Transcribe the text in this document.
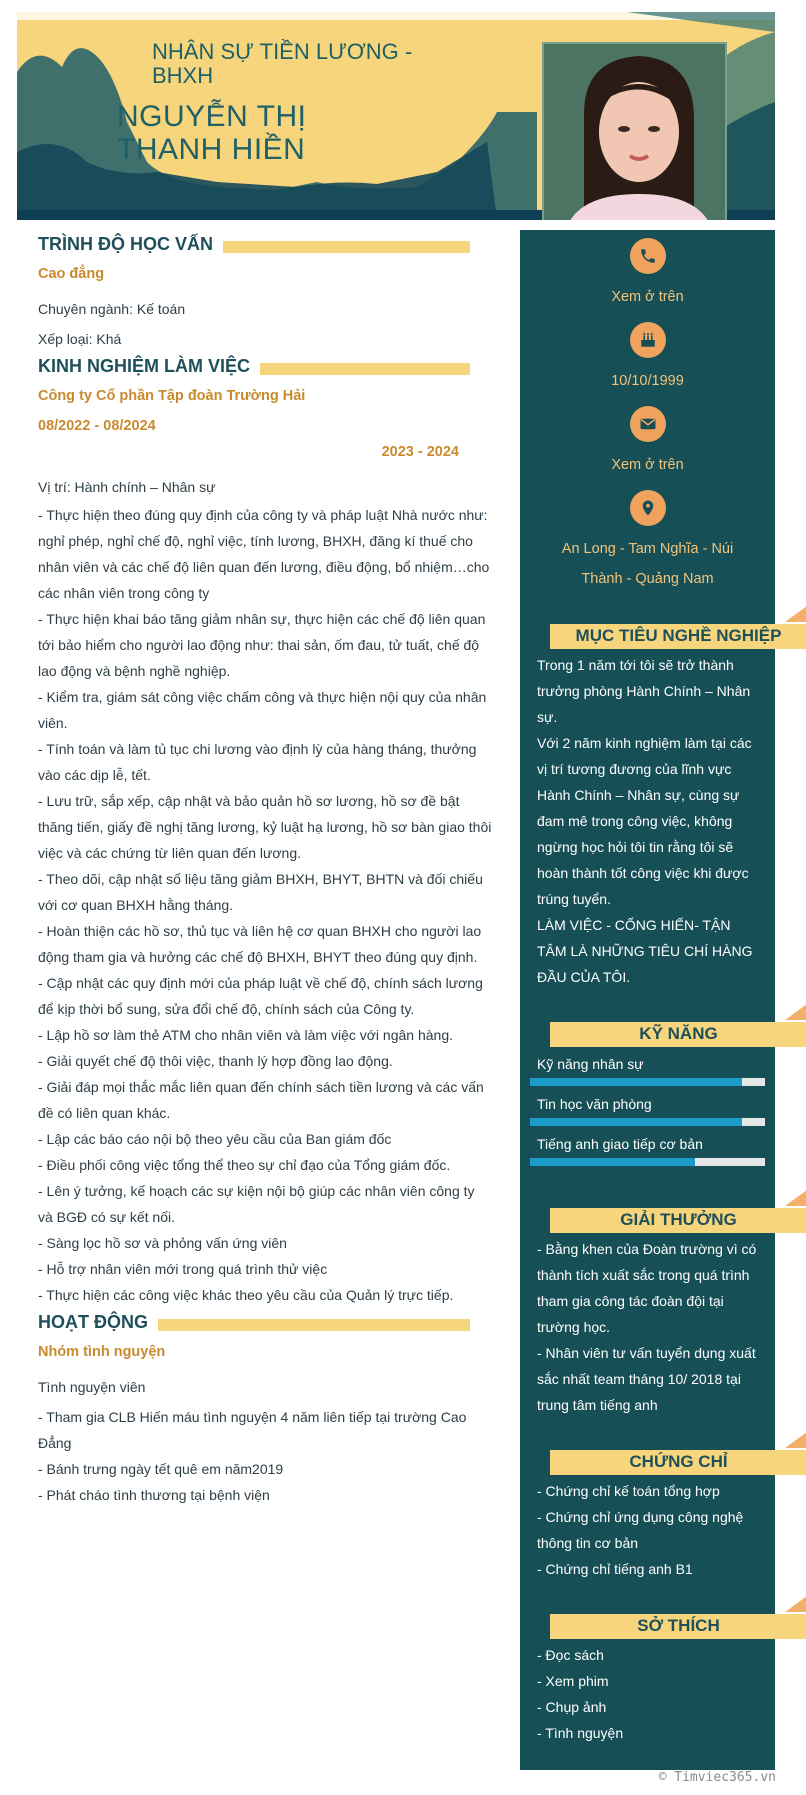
NHÂN SỰ TIỀN LƯƠNG - BHXH
NGUYỄN THỊ THANH HIỀN
TRÌNH ĐỘ HỌC VẤN
Cao đẳng
Chuyên ngành: Kế toán
Xếp loại: Khá
KINH NGHIỆM LÀM VIỆC
Công ty Cổ phần Tập đoàn Trường Hải
08/2022 - 08/2024
2023 - 2024
Vị trí: Hành chính – Nhân sự
- Thực hiện theo đúng quy định của công ty và pháp luật Nhà nước như: nghỉ phép, nghỉ chế độ, nghỉ việc, tính lương, BHXH, đăng kí thuế cho nhân viên và các chế độ liên quan đến lương, điều động, bổ nhiệm…cho các nhân viên trong công ty
- Thực hiện khai báo tăng giảm nhân sự, thực hiện các chế độ liên quan tới bảo hiểm cho người lao động như: thai sản, ốm đau, tử tuất, chế độ lao động và bệnh nghề nghiệp.
- Kiểm tra, giám sát công việc chấm công và thực hiện nội quy của nhân viên.
- Tính toán và làm tủ tục chi lương vào định lỳ của hàng tháng, thưởng vào các dịp lễ, tết.
- Lưu trữ, sắp xếp, cập nhật và bảo quản hồ sơ lương, hồ sơ đề bật thăng tiến, giấy đề nghị tăng lương, kỷ luật hạ lương, hồ sơ bàn giao thôi việc và các chứng từ liên quan đến lương.
- Theo dõi, cập nhật số liệu tăng giảm BHXH, BHYT, BHTN và đối chiếu với cơ quan BHXH hằng tháng.
- Hoàn thiện các hồ sơ, thủ tục và liên hệ cơ quan BHXH cho người lao động tham gia và hưởng các chế độ BHXH, BHYT theo đúng quy định.
- Cập nhật các quy định mới của pháp luật về chế độ, chính sách lương để kịp thời bổ sung, sửa đổi chế độ, chính sách của Công ty.
- Lập hồ sơ làm thẻ ATM cho nhân viên và làm việc với ngân hàng.
- Giải quyết chế độ thôi việc, thanh lý hợp đồng lao động.
- Giải đáp mọi thắc mắc liên quan đến chính sách tiền lương và các vấn đề có liên quan khác.
- Lập các báo cáo nội bộ theo yêu cầu của Ban giám đốc
- Điều phối công việc tổng thể theo sự chỉ đạo của Tổng giám đốc.
- Lên ý tưởng, kế hoạch các sự kiện nội bộ giúp các nhân viên công ty và BGĐ có sự kết nối.
- Sàng lọc hồ sơ và phỏng vấn ứng viên
- Hỗ trợ nhân viên mới trong quá trình thử việc
- Thực hiện các công việc khác theo yêu cầu của Quản lý trực tiếp.
HOẠT ĐỘNG
Nhóm tình nguyện
Tình nguyện viên
- Tham gia CLB Hiến máu tình nguyện 4 năm liên tiếp tại trường Cao Đẳng
- Bánh trưng ngày tết quê em năm2019
- Phát cháo tình thương tại bệnh viện
Xem ở trên
10/10/1999
Xem ở trên
An Long - Tam Nghĩa - Núi Thành - Quảng Nam
MỤC TIÊU NGHỀ NGHIỆP
Trong 1 năm tới tôi sẽ trở thành trưởng phòng Hành Chính – Nhân sự.
Với 2 năm kinh nghiệm làm tại các vị trí tương đương của lĩnh vực Hành Chính – Nhân sự, cùng sự đam mê trong công việc, không ngừng học hỏi tôi tin rằng tôi sẽ hoàn thành tốt công việc khi được trúng tuyển.
LÀM VIỆC - CỐNG HIẾN- TẬN TÂM LÀ NHỮNG TIÊU CHÍ HÀNG ĐẦU CỦA TÔI.
KỸ NĂNG
Kỹ năng nhân sự
Tin học văn phòng
Tiếng anh giao tiếp cơ bản
GIẢI THƯỞNG
- Bằng khen của Đoàn trường vì có thành tích xuất sắc trong quá trình tham gia công tác đoàn đội tại trường học.
- Nhân viên tư vấn tuyển dụng xuất sắc nhất team tháng 10/ 2018 tại trung tâm tiếng anh
CHỨNG CHỈ
- Chứng chỉ kế toán tổng hợp
- Chứng chỉ ứng dụng công nghệ thông tin cơ bản
- Chứng chỉ tiếng anh B1
SỞ THÍCH
- Đọc sách
- Xem phim
- Chụp ảnh
- Tình nguyện
© Timviec365.vn
